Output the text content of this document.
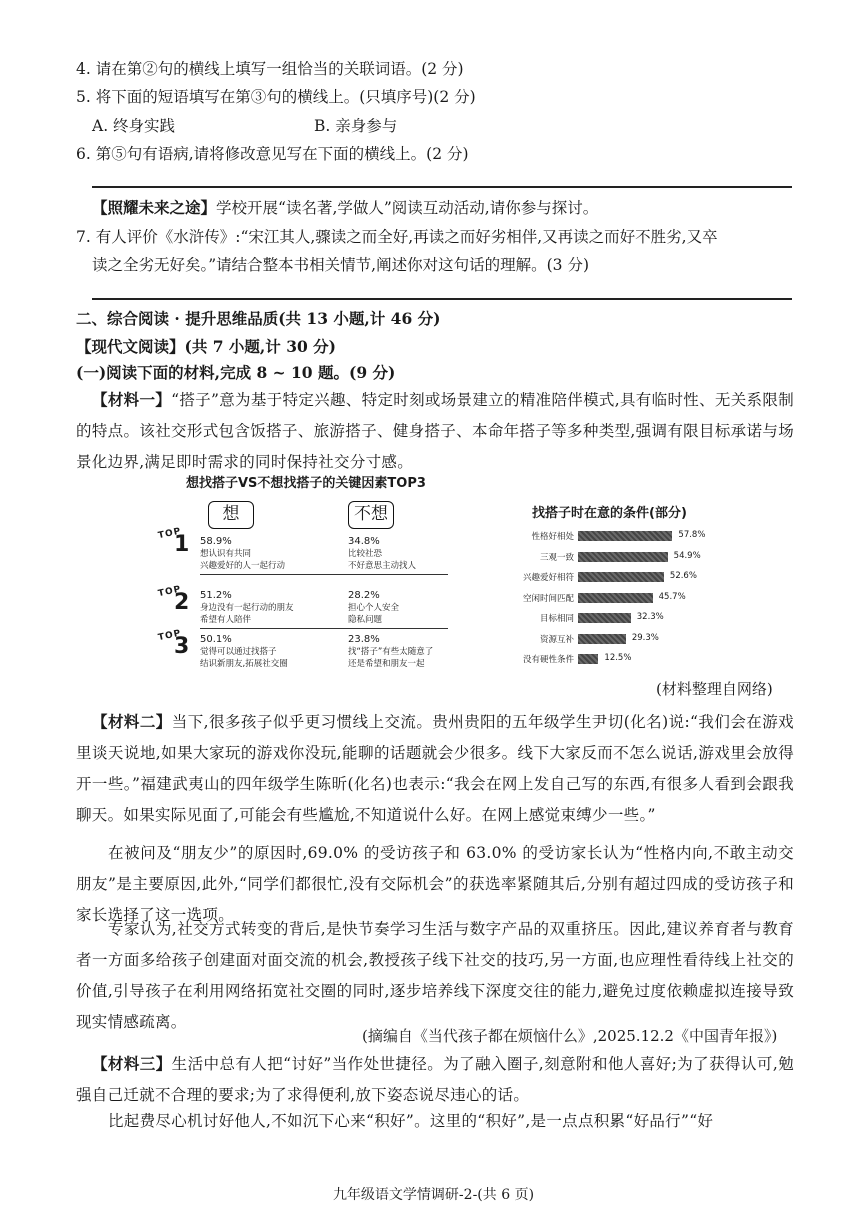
4. 请在第②句的横线上填写一组恰当的关联词语。(2 分)
5. 将下面的短语填写在第③句的横线上。(只填序号)(2 分)
A. 终身实践	B. 亲身参与
6. 第⑤句有语病,请将修改意见写在下面的横线上。(2 分)
【照耀未来之途】学校开展“读名著,学做人”阅读互动活动,请你参与探讨。
7. 有人评价《水浒传》:“宋江其人,骤读之而全好,再读之而好劣相伴,又再读之而好不胜劣,又卒
读之全劣无好矣。”请结合整本书相关情节,阐述你对这句话的理解。(3 分)
二、综合阅读 · 提升思维品质(共 13 小题,计 46 分)
【现代文阅读】(共 7 小题,计 30 分)
(一)阅读下面的材料,完成 8 ~ 10 题。(9 分)
【材料一】“搭子”意为基于特定兴趣、特定时刻或场景建立的精准陪伴模式,具有临时性、无关系限制的特点。该社交形式包含饭搭子、旅游搭子、健身搭子、本命年搭子等多种类型,强调有限目标承诺与场景化边界,满足即时需求的同时保持社交分寸感。
想找搭子VS不想找搭子的关键因素TOP3
想	不想
TOP
1 58.9%
想认识有共同
兴趣爱好的人一起行动
34.8%
比较社恐
不好意思主动找人
TOP
2 51.2%
身边没有一起行动的朋友
希望有人陪伴
28.2%
担心个人安全
隐私问题
TOP
3 50.1%
觉得可以通过找搭子
结识新朋友,拓展社交圈
23.8%
找“搭子”有些太随意了
还是希望和朋友一起
找搭子时在意的条件(部分)
性格好相处	57.8%
三观一致	54.9%
兴趣爱好相符	52.6%
空闲时间匹配	45.7%
目标相同	32.3%
资源互补	29.3%
没有硬性条件	12.5%
(材料整理自网络)
【材料二】当下,很多孩子似乎更习惯线上交流。贵州贵阳的五年级学生尹切(化名)说:“我们会在游戏里谈天说地,如果大家玩的游戏你没玩,能聊的话题就会少很多。线下大家反而不怎么说话,游戏里会放得开一些。”福建武夷山的四年级学生陈昕(化名)也表示:“我会在网上发自己写的东西,有很多人看到会跟我聊天。如果实际见面了,可能会有些尴尬,不知道说什么好。在网上感觉束缚少一些。”
在被问及“朋友少”的原因时,69.0% 的受访孩子和 63.0% 的受访家长认为“性格内向,不敢主动交朋友”是主要原因,此外,“同学们都很忙,没有交际机会”的获选率紧随其后,分别有超过四成的受访孩子和家长选择了这一选项。
专家认为,社交方式转变的背后,是快节奏学习生活与数字产品的双重挤压。因此,建议养育者与教育者一方面多给孩子创建面对面交流的机会,教授孩子线下社交的技巧,另一方面,也应理性看待线上社交的价值,引导孩子在利用网络拓宽社交圈的同时,逐步培养线下深度交往的能力,避免过度依赖虚拟连接导致现实情感疏离。
(摘编自《当代孩子都在烦恼什么》,2025.12.2《中国青年报》)
【材料三】生活中总有人把“讨好”当作处世捷径。为了融入圈子,刻意附和他人喜好;为了获得认可,勉强自己迁就不合理的要求;为了求得便利,放下姿态说尽违心的话。
比起费尽心机讨好他人,不如沉下心来“积好”。这里的“积好”,是一点点积累“好品行”“好
九年级语文学情调研-2-(共 6 页)
